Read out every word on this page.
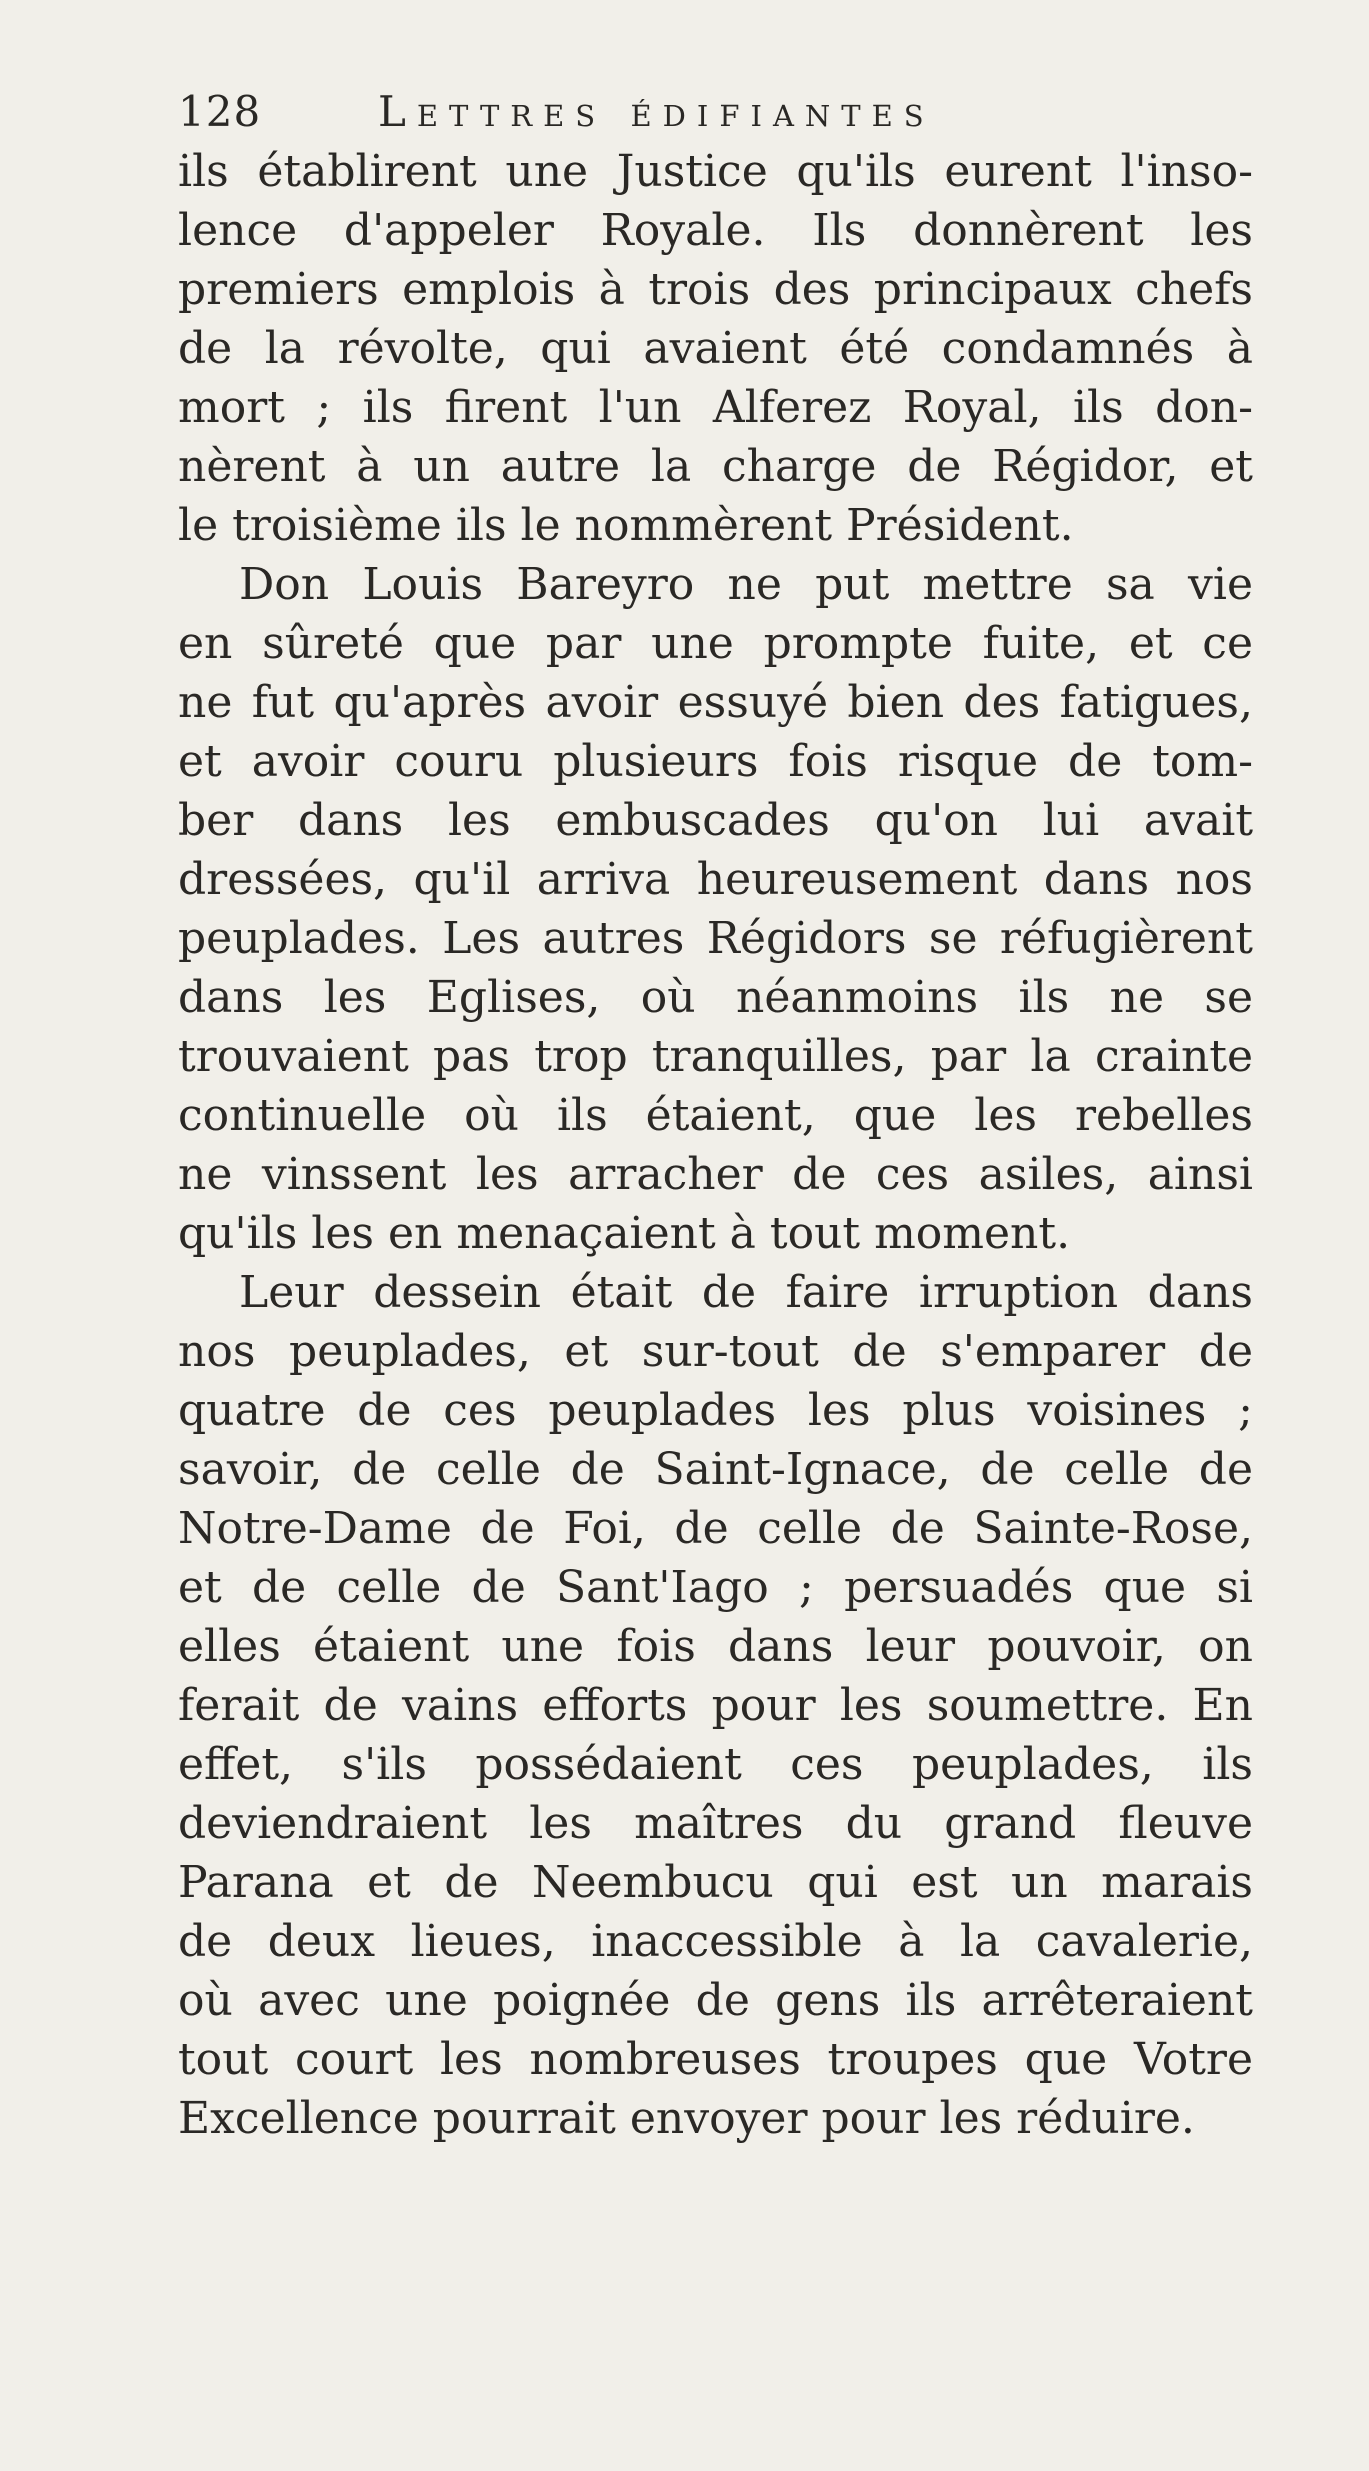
128	Lettres édifiantes
ils établirent une Justice qu'ils eurent l'inso-
lence d'appeler Royale. Ils donnèrent les
premiers emplois à trois des principaux chefs
de la révolte, qui avaient été condamnés à
mort ; ils firent l'un Alferez Royal, ils don-
nèrent à un autre la charge de Régidor, et
le troisième ils le nommèrent Président.
Don Louis Bareyro ne put mettre sa vie
en sûreté que par une prompte fuite, et ce
ne fut qu'après avoir essuyé bien des fatigues,
et avoir couru plusieurs fois risque de tom-
ber dans les embuscades qu'on lui avait
dressées, qu'il arriva heureusement dans nos
peuplades. Les autres Régidors se réfugièrent
dans les Eglises, où néanmoins ils ne se
trouvaient pas trop tranquilles, par la crainte
continuelle où ils étaient, que les rebelles
ne vinssent les arracher de ces asiles, ainsi
qu'ils les en menaçaient à tout moment.
Leur dessein était de faire irruption dans
nos peuplades, et sur-tout de s'emparer de
quatre de ces peuplades les plus voisines ;
savoir, de celle de Saint-Ignace, de celle de
Notre-Dame de Foi, de celle de Sainte-Rose,
et de celle de Sant'Iago ; persuadés que si
elles étaient une fois dans leur pouvoir, on
ferait de vains efforts pour les soumettre. En
effet, s'ils possédaient ces peuplades, ils
deviendraient les maîtres du grand fleuve
Parana et de Neembucu qui est un marais
de deux lieues, inaccessible à la cavalerie,
où avec une poignée de gens ils arrêteraient
tout court les nombreuses troupes que Votre
Excellence pourrait envoyer pour les réduire.
